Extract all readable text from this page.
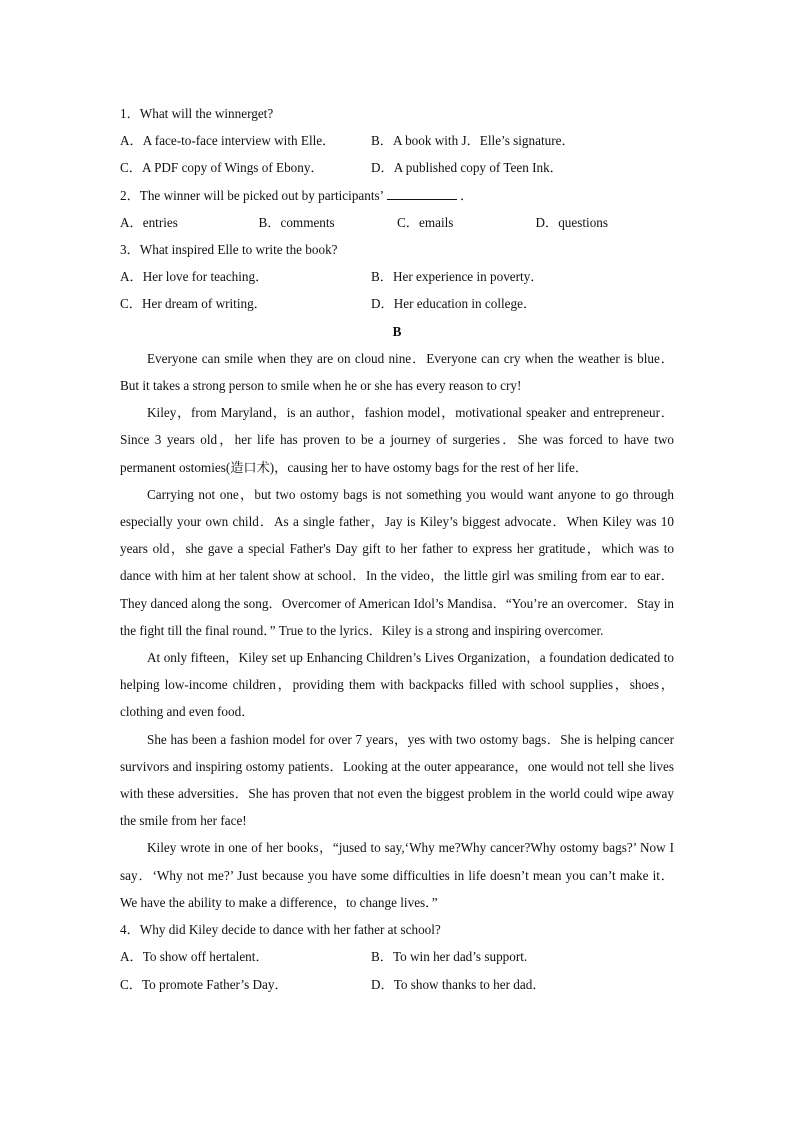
1．What will the winnerget?
A．A face-to-face interview with Elle．	B．A book with J．Elle’s signature．
C．A PDF copy of Wings of Ebony．	D．A published copy of Teen Ink．
2．The winner will be picked out by participants’	．
A．entries	B．comments	C．emails	D．questions
3．What inspired Elle to write the book?
A．Her love for teaching．	B．Her experience in poverty．
C．Her dream of writing．	D．Her education in college．
B
Everyone can smile when they are on cloud nine．Everyone can cry when the weather is blue．But it takes a strong person to smile when he or she has every reason to cry!
Kiley，from Maryland，is an author，fashion model，motivational speaker and entrepreneur．Since 3 years old，her life has proven to be a journey of surgeries．She was forced to have two permanent ostomies(造口术)，causing her to have ostomy bags for the rest of her life．
Carrying not one，but two ostomy bags is not something you would want anyone to go through especially your own child．As a single father，Jay is Kiley’s biggest advocate．When Kiley was 10 years old，she gave a special Father's Day gift to her father to express her gratitude，which was to dance with him at her talent show at school．In the video，the little girl was smiling from ear to ear．They danced along the song．Overcomer of American Idol’s Mandisa．“You’re an overcomer．Stay in the fight till the final round．” True to the lyrics．Kiley is a strong and inspiring overcomer.
At only fifteen，Kiley set up Enhancing Children’s Lives Organization，a foundation dedicated to helping low-income children，providing them with backpacks filled with school supplies，shoes，clothing and even food．
She has been a fashion model for over 7 years，yes with two ostomy bags．She is helping cancer survivors and inspiring ostomy patients．Looking at the outer appearance，one would not tell she lives with these adversities．She has proven that not even the biggest problem in the world could wipe away the smile from her face!
Kiley wrote in one of her books，“jused to say,‘Why me?Why cancer?Why ostomy bags?’ Now I say．‘Why not me?’ Just because you have some difficulties in life doesn’t mean you can’t make it．We have the ability to make a difference，to change lives．”
4．Why did Kiley decide to dance with her father at school?
A．To show off hertalent．	B．To win her dad’s support.
C．To promote Father’s Day．	D．To show thanks to her dad．
